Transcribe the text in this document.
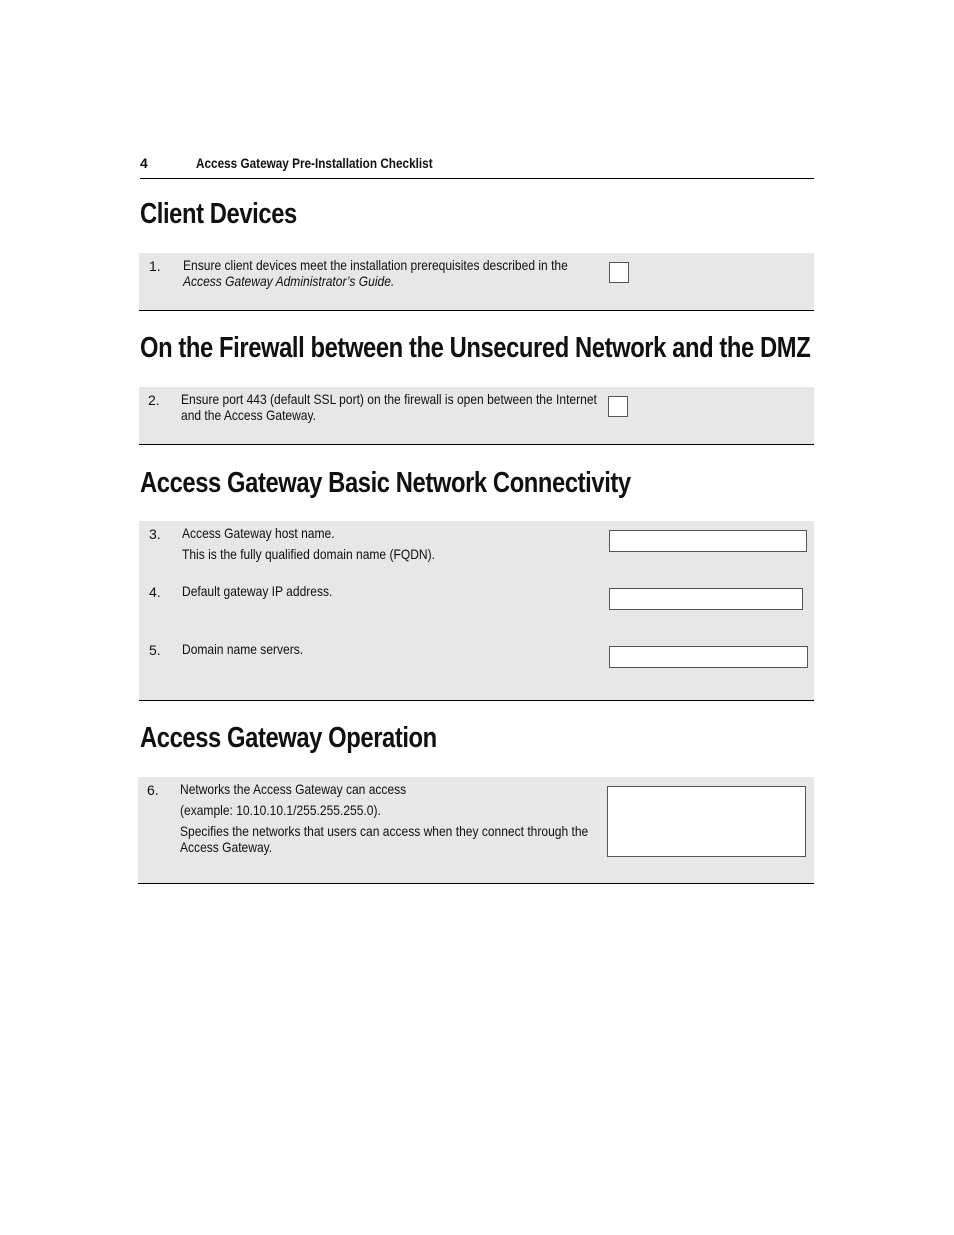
4	Access Gateway Pre-Installation Checklist
Client Devices
1. Ensure client devices meet the installation prerequisites described in the
Access Gateway Administrator’s Guide.
On the Firewall between the Unsecured Network and the DMZ
2. Ensure port 443 (default SSL port) on the firewall is open between the Internet
and the Access Gateway.
Access Gateway Basic Network Connectivity
3. Access Gateway host name.
This is the fully qualified domain name (FQDN).
4. Default gateway IP address.
5. Domain name servers.
Access Gateway Operation
6. Networks the Access Gateway can access
(example: 10.10.10.1/255.255.255.0).
Specifies the networks that users can access when they connect through the
Access Gateway.
